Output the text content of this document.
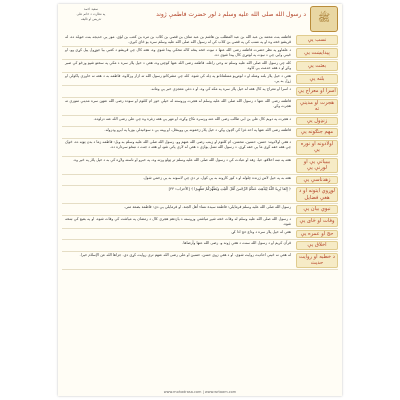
ﷺ
د رسول الله صلی الله علیه وسلم د لور حضرت فاطمې ژوند
سعید احمد
په نظارت د خاتم علی
تدریس او تالیف
نسب یې
فاطمه بنت محمد بن عبد الله بن عبد المطلب بن هاشم بن عبد مناف بن قصي بن کلاب بن مره بن کعب بن لؤی. مور یې خدیجه بنت خویلد ده، له قریشو څخه وه او په نسب کې په قصي بن کلاب کې له رسول الله صلی الله علیه وسلم سره یو ځای کېږي.
پیدایښت یې
د علماوو په نظر حضرت فاطمه رضی الله عنها د نبوت څخه پنځه کاله مخکې پیدا شوې وه، هغه کال چې قریشو د کعبې بیا جوړول پیل کړي وو. او ځینې وايي چې د نبوت په لومړي کال پیدا شوې ده.
بعثت یې
کله چې رسول الله صلی الله علیه وسلم ته وحي راغله، فاطمه رضی الله عنها کوچنۍ وه، هغې د خپل پلار سره د مکې په سختو شپو ورځو کې صبر وکړ او د هغه خدمت یې کاوه.
بلنه یې
هغې د خپل پلار بلنه ومنله او د لومړیو مسلمانانو په ډله کې شوه. کله چې مشرکانو رسول الله ته ازار ورکاوه، فاطمه به د هغه نه خاورې پاکولې او ژړل به یې.
اسرا او معراج یې
د اسرا او معراج په کال هغه له خپل پلار سره په مکه کې وه، او د دغې معجزې خبر یې ومانه.
هجرت او مدینې ته
فاطمه رضی الله عنها د رسول الله صلی الله علیه وسلم له هجرت وروسته له خپلې خور ام کلثوم او سوده رضی الله عنهن سره مدینې منورې ته هجرت وکړ.
زنډول یې
د هجرت په دویم کال علي بن ابي طالب رضی الله عنه ورسره نکاح وکړه، او مهر یې هغه زغره وه چې علي رضی الله عنه درلوده.
مهم جنګونه یې
فاطمه رضی الله عنها په احد غزا کې ګډون وکړ، د خپل پلار زخمونه یې ووینځل، او وینه یې د سوځېدلې بوریا په ایرو ودروله.
اولادونه او نوره یې
د هغې اولادونه: حسن، حسین، محسن، ام کلثوم او زینب رضی الله عنهم وو. رسول الله صلی الله علیه وسلم به ویل: فاطمه زما د بدن ټوټه ده، څوک چې هغه خفه کړي ما یې خفه کړی. د رسول الله نسل یوازې د هغې له لارې پاتې شو، او هغه د جنت د ښځو سرداره ده.
بیبیاتې یې او لورنې یې
هغه په ښه اخلاقو، حیا، زهد او عبادت کې د رسول الله صلی الله علیه وسلم تر ټولو ورته وه، په خبرو او ناسته ولاړه کې به د خپل پلار په څېر وه.
زهدناسي یې
هغه به په خپل لاس ژرنده چلوله او د کور کارونه به یې کول، تر دې چې لاسونه به یې زخمي شول.
لوړوي ایتونه او د هغې فضایل
﴿ إِنَّمَا يُرِيدُ اللَّهُ لِيُذْهِبَ عَنكُمُ الرِّجْسَ أَهْلَ الْبَيْتِ وَيُطَهِّرَكُمْ تَطْهِيرًا ﴾ [الأحزاب: ٣٣]
نبوي بیان یې
رسول الله صلی الله علیه وسلم فرمایلي: فاطمة سيدة نساء أهل الجنة. او فرمایلي یې دي: فاطمة بضعة مني.
وفات او ځای یې
د رسول الله صلی الله علیه وسلم له وفات څخه شپږ میاشتې وروسته د یازدهم هجري کال د رمضان په میاشت کې وفات شوه، او په بقیع کې ښخه شوه.
حج او عمره یې
هغې له خپل پلار سره د وداع حج ادا کړ.
اخلاق یې
قرآن کریم او د رسول الله سنت د هغې ژوند و، رضی الله عنها وأرضاها.
د خطبه او روایت حدیث
له هغې نه ځینې احادیث روایت شوي، او د هغې زوی حسن، حسین او علي رضی الله عنهم ترې روایت کړی دی. جزاها الله عن الإسلام خیرا.
www.mohadrasa.com | www.wrtaam.com
